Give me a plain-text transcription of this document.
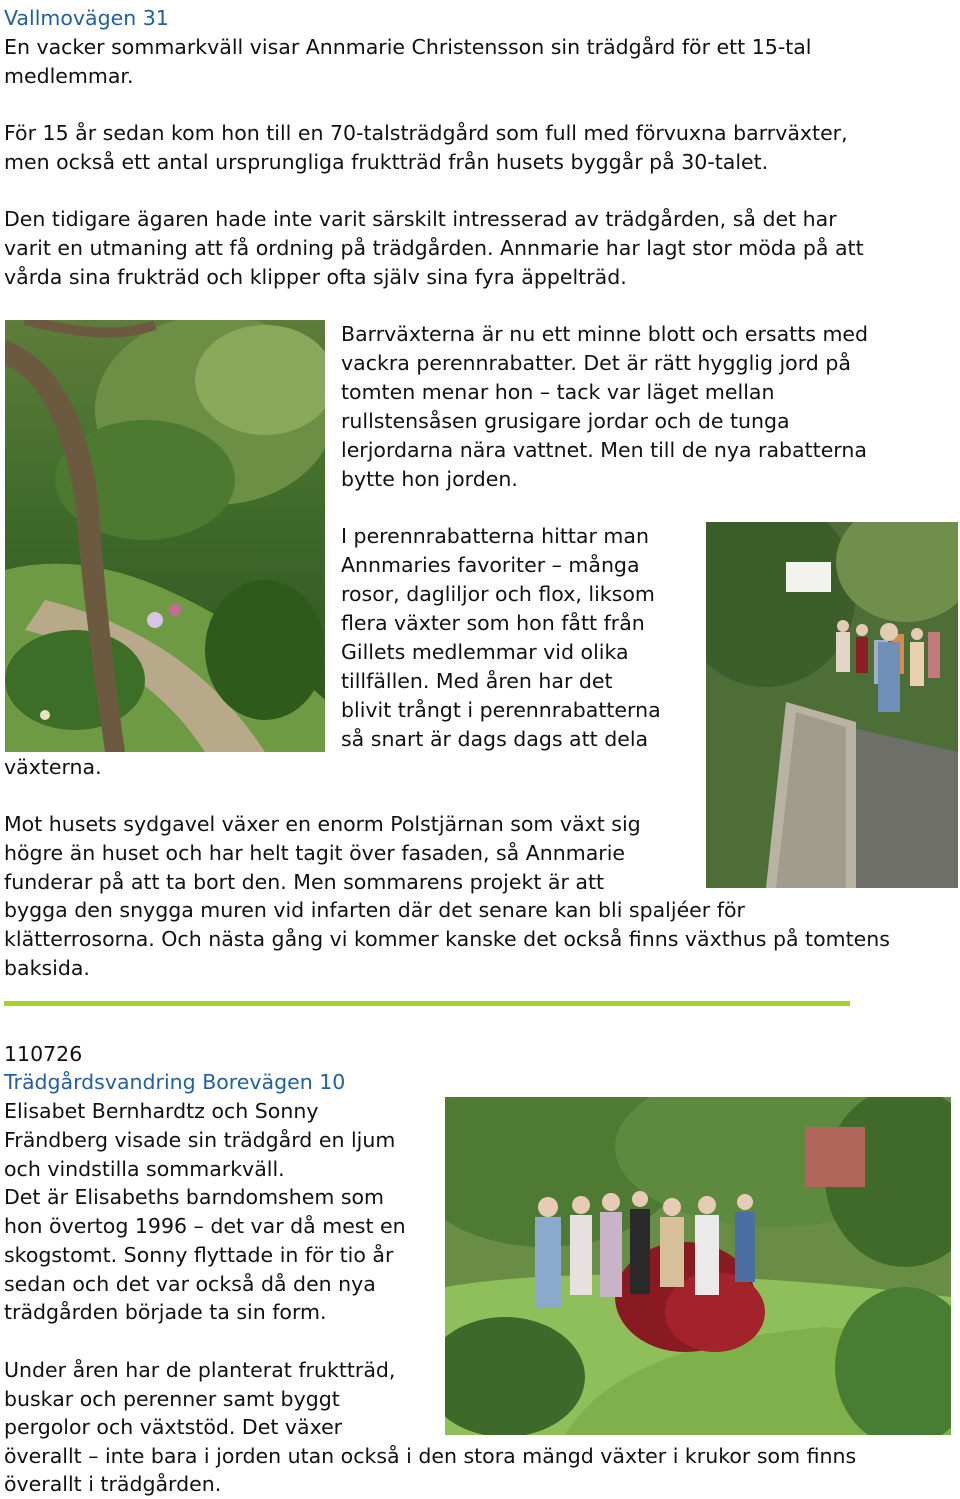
Vallmovägen 31
En vacker sommarkväll visar Annmarie Christensson sin trädgård för ett 15-tal
medlemmar.
För 15 år sedan kom hon till en 70-talsträdgård som full med förvuxna barrväxter,
men också ett antal ursprungliga fruktträd från husets byggår på 30-talet.
Den tidigare ägaren hade inte varit särskilt intresserad av trädgården, så det har
varit en utmaning att få ordning på trädgården. Annmarie har lagt stor möda på att
vårda sina frukträd och klipper ofta själv sina fyra äppelträd.
Barrväxterna är nu ett minne blott och ersatts med
vackra perennrabatter. Det är rätt hygglig jord på
tomten menar hon – tack var läget mellan
rullstensåsen grusigare jordar och de tunga
lerjordarna nära vattnet. Men till de nya rabatterna
bytte hon jorden.
I perennrabatterna hittar man
Annmaries favoriter – många
rosor, dagliljor och flox, liksom
flera växter som hon fått från
Gillets medlemmar vid olika
tillfällen. Med åren har det
blivit trångt i perennrabatterna
så snart är dags dags att dela
växterna.
Mot husets sydgavel växer en enorm Polstjärnan som växt sig
högre än huset och har helt tagit över fasaden, så Annmarie
funderar på att ta bort den. Men sommarens projekt är att
bygga den snygga muren vid infarten där det senare kan bli spaljéer för
klätterrosorna. Och nästa gång vi kommer kanske det också finns växthus på tomtens
baksida.
110726
Trädgårdsvandring Borevägen 10
Elisabet Bernhardtz och Sonny
Frändberg visade sin trädgård en ljum
och vindstilla sommarkväll.
Det är Elisabeths barndomshem som
hon övertog 1996 – det var då mest en
skogstomt. Sonny flyttade in för tio år
sedan och det var också då den nya
trädgården började ta sin form.
Under åren har de planterat fruktträd,
buskar och perenner samt byggt
pergolor och växtstöd. Det växer
överallt – inte bara i jorden utan också i den stora mängd växter i krukor som finns
överallt i trädgården.
